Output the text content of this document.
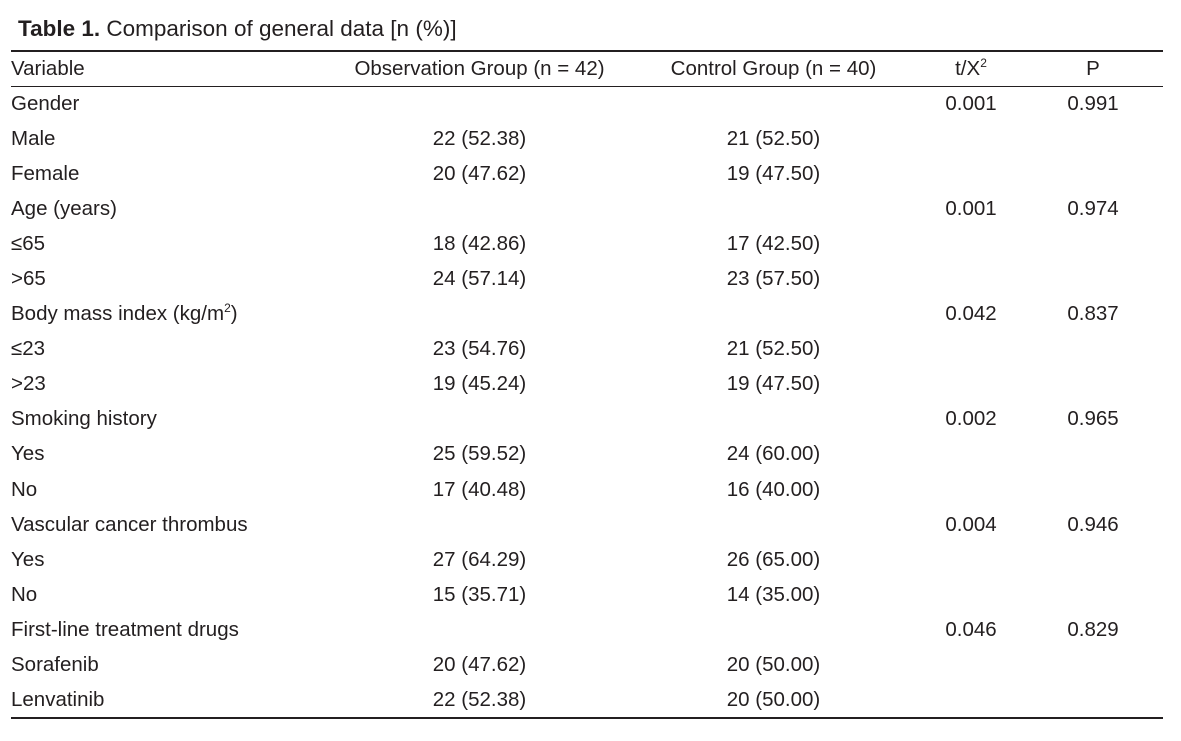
Table 1. Comparison of general data [n (%)]
Variable	Observation Group (n = 42)	Control Group (n = 40)	$t/X^2$	P
Gender			0.001	0.991
Male	22 (52.38)	21 (52.50)		
Female	20 (47.62)	19 (47.50)		
Age (years)			0.001	0.974
≤65	18 (42.86)	17 (42.50)		
>65	24 (57.14)	23 (57.50)		
Body mass index $(kg/m^2)$			0.042	0.837
≤23	23 (54.76)	21 (52.50)		
>23	19 (45.24)	19 (47.50)		
Smoking history			0.002	0.965
Yes	25 (59.52)	24 (60.00)		
No	17 (40.48)	16 (40.00)		
Vascular cancer thrombus			0.004	0.946
Yes	27 (64.29)	26 (65.00)		
No	15 (35.71)	14 (35.00)		
First-line treatment drugs			0.046	0.829
Sorafenib	20 (47.62)	20 (50.00)		
Lenvatinib	22 (52.38)	20 (50.00)		
